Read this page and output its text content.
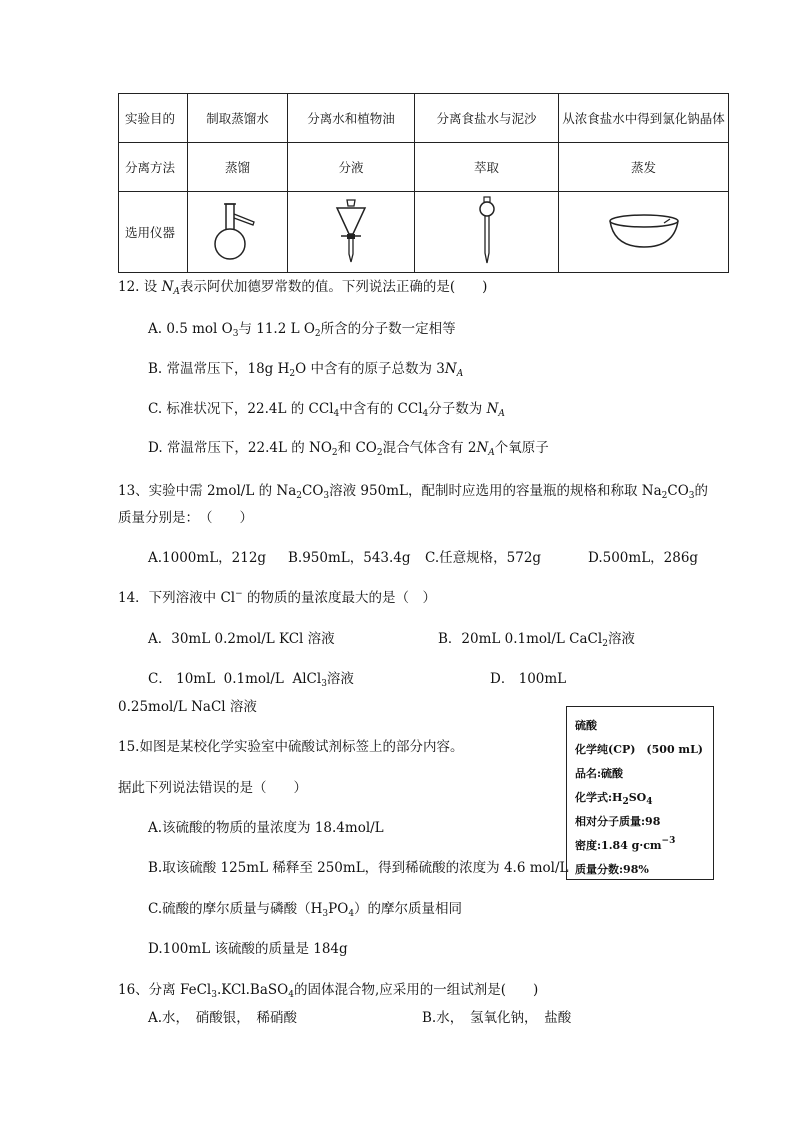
实验目的	制取蒸馏水	分离水和植物油	分离食盐水与泥沙	从浓食盐水中得到氯化钠晶体
分离方法	蒸馏	分液	萃取	蒸发
选用仪器				
12. 设 $N_A$表示阿伏加德罗常数的值。下列说法正确的是(　　)
A. 0.5 mol $O_3$与 11.2 L $O_2$所含的分子数一定相等
B. 常温常压下，18g $H_2O$ 中含有的原子总数为 $3N_A$
C. 标准状况下，22.4L 的 CCl$_4$中含有的 CCl$_4$分子数为 $N_A$
D. 常温常压下，22.4L 的 $NO_2$和 $CO_2$混合气体含有 $2N_A$个氧原子
13、实验中需 2mol/L 的 $Na_2CO_3$溶液 950mL，配制时应选用的容量瓶的规格和称取 $Na_2CO_3$的
质量分别是：　（　　）
A.1000mL，212g B.950mL，543.4g C.任意规格，572g	D.500mL，286g
14．下列溶液中 Cl− 的物质的量浓度最大的是（　）
A．30mL 0.2mol/L KCl 溶液	B．20mL 0.1mol/L CaCl$_2$溶液
C． 10mL  0.1mol/L  AlCl$_3$溶液	D． 100mL
0.25mol/L NaCl 溶液
15.如图是某校化学实验室中硫酸试剂标签上的部分内容。
据此下列说法错误的是（　　）
A.该硫酸的物质的量浓度为 18.4mol/L
B.取该硫酸 125mL 稀释至 250mL，得到稀硫酸的浓度为 4.6 mol/L
C.硫酸的摩尔质量与磷酸$(H_3PO_4)$的摩尔质量相同
D.100mL 该硫酸的质量是 184g
硫酸
化学纯(CP)　(500 mL)
品名:硫酸
化学式$:H_2SO_4$
相对分子质量:98
密度:1.84 $g\cdot cm^{-3}$
质量分数:98%
16、分离 FeCl$_3$.KCl.BaSO$_4$的固体混合物,应采用的一组试剂是(　　)
A.水，　硝酸银，　稀硝酸	B.水，　氢氧化钠，　盐酸
